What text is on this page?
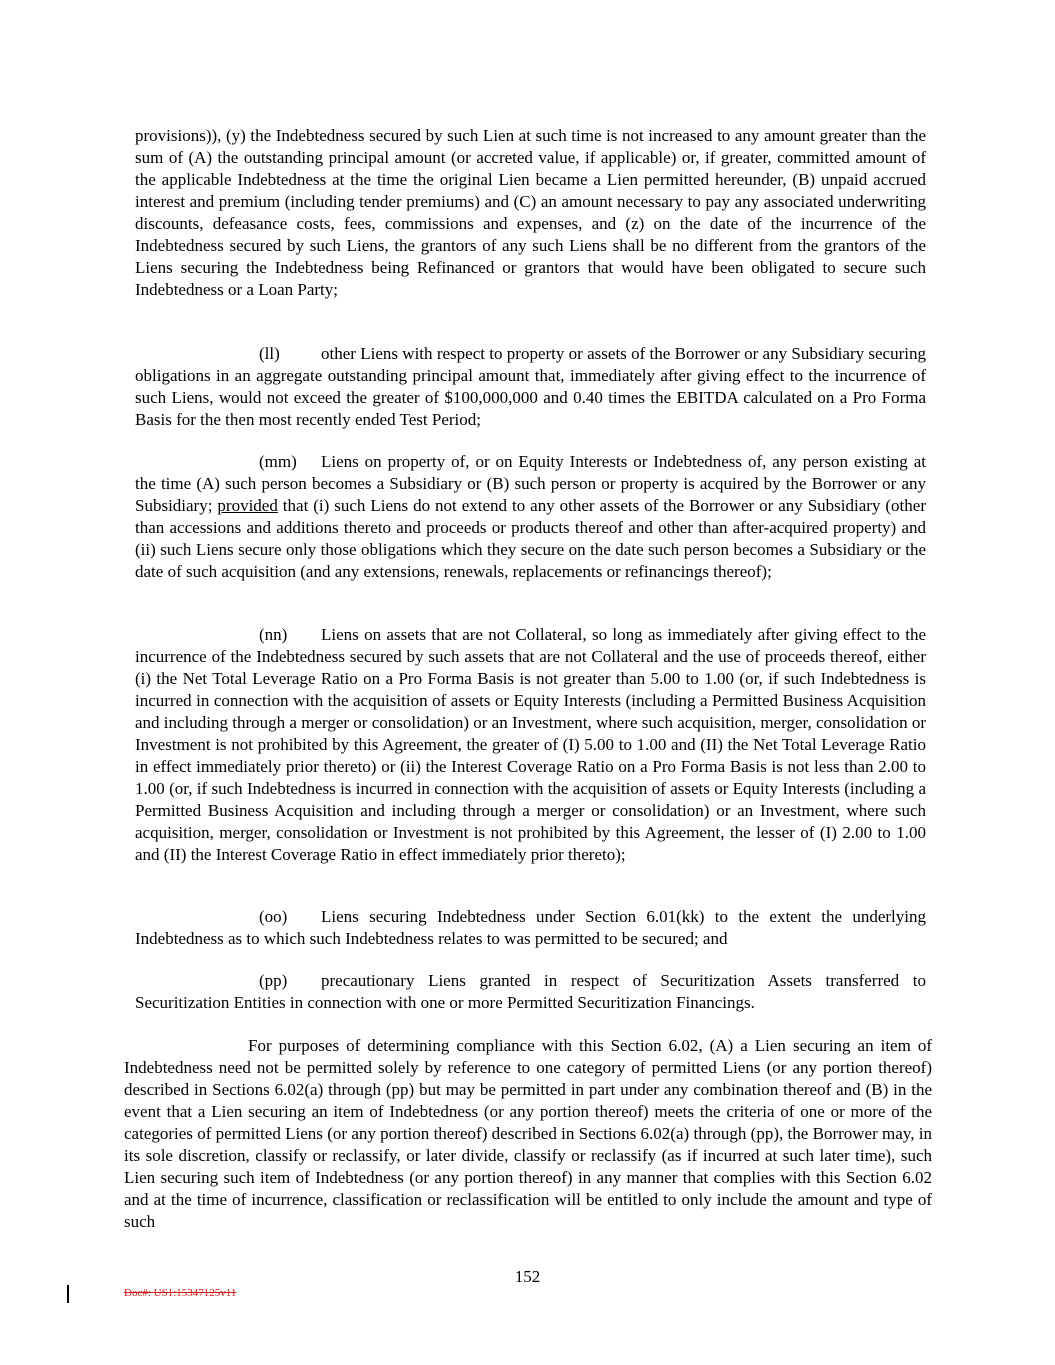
provisions)), (y) the Indebtedness secured by such Lien at such time is not increased to any amount greater than the sum of (A) the outstanding principal amount (or accreted value, if applicable) or, if greater, committed amount of the applicable Indebtedness at the time the original Lien became a Lien permitted hereunder, (B) unpaid accrued interest and premium (including tender premiums) and (C) an amount necessary to pay any associated underwriting discounts, defeasance costs, fees, commissions and expenses, and (z) on the date of the incurrence of the Indebtedness secured by such Liens, the grantors of any such Liens shall be no different from the grantors of the Liens securing the Indebtedness being Refinanced or grantors that would have been obligated to secure such Indebtedness or a Loan Party;
(ll) other Liens with respect to property or assets of the Borrower or any Subsidiary securing obligations in an aggregate outstanding principal amount that, immediately after giving effect to the incurrence of such Liens, would not exceed the greater of $100,000,000 and 0.40 times the EBITDA calculated on a Pro Forma Basis for the then most recently ended Test Period;
(mm) Liens on property of, or on Equity Interests or Indebtedness of, any person existing at the time (A) such person becomes a Subsidiary or (B) such person or property is acquired by the Borrower or any Subsidiary; provided that (i) such Liens do not extend to any other assets of the Borrower or any Subsidiary (other than accessions and additions thereto and proceeds or products thereof and other than after-acquired property) and (ii) such Liens secure only those obligations which they secure on the date such person becomes a Subsidiary or the date of such acquisition (and any extensions, renewals, replacements or refinancings thereof);
(nn) Liens on assets that are not Collateral, so long as immediately after giving effect to the incurrence of the Indebtedness secured by such assets that are not Collateral and the use of proceeds thereof, either (i) the Net Total Leverage Ratio on a Pro Forma Basis is not greater than 5.00 to 1.00 (or, if such Indebtedness is incurred in connection with the acquisition of assets or Equity Interests (including a Permitted Business Acquisition and including through a merger or consolidation) or an Investment, where such acquisition, merger, consolidation or Investment is not prohibited by this Agreement, the greater of (I) 5.00 to 1.00 and (II) the Net Total Leverage Ratio in effect immediately prior thereto) or (ii) the Interest Coverage Ratio on a Pro Forma Basis is not less than 2.00 to 1.00 (or, if such Indebtedness is incurred in connection with the acquisition of assets or Equity Interests (including a Permitted Business Acquisition and including through a merger or consolidation) or an Investment, where such acquisition, merger, consolidation or Investment is not prohibited by this Agreement, the lesser of (I) 2.00 to 1.00 and (II) the Interest Coverage Ratio in effect immediately prior thereto);
(oo) Liens securing Indebtedness under Section 6.01(kk) to the extent the underlying Indebtedness as to which such Indebtedness relates to was permitted to be secured; and
(pp) precautionary Liens granted in respect of Securitization Assets transferred to Securitization Entities in connection with one or more Permitted Securitization Financings.
For purposes of determining compliance with this Section 6.02, (A) a Lien securing an item of Indebtedness need not be permitted solely by reference to one category of permitted Liens (or any portion thereof) described in Sections 6.02(a) through (pp) but may be permitted in part under any combination thereof and (B) in the event that a Lien securing an item of Indebtedness (or any portion thereof) meets the criteria of one or more of the categories of permitted Liens (or any portion thereof) described in Sections 6.02(a) through (pp), the Borrower may, in its sole discretion, classify or reclassify, or later divide, classify or reclassify (as if incurred at such later time), such Lien securing such item of Indebtedness (or any portion thereof) in any manner that complies with this Section 6.02 and at the time of incurrence, classification or reclassification will be entitled to only include the amount and type of such
152
Doc#: US1:15347125v11
